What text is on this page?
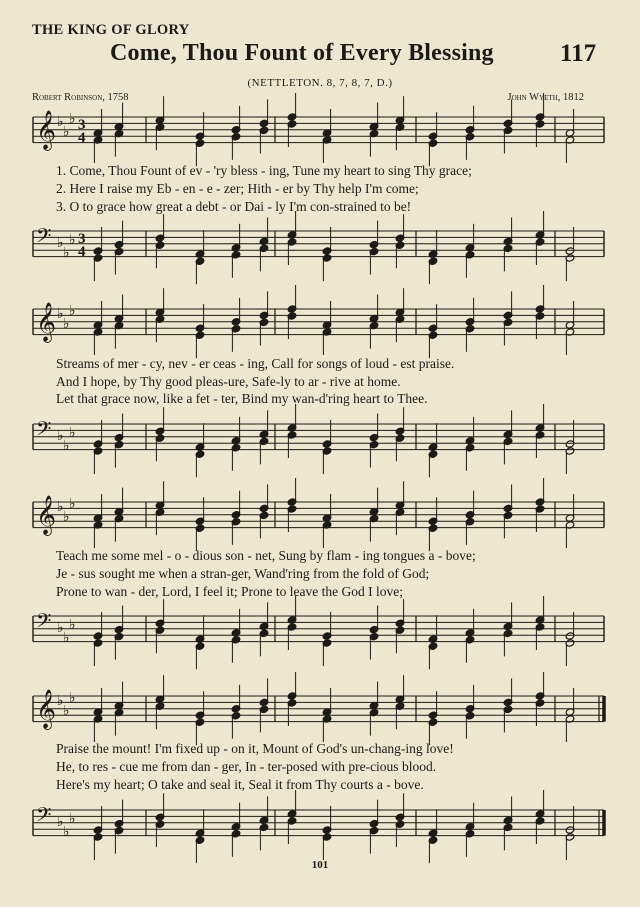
THE KING OF GLORY
Come, Thou Fount of Every Blessing	117
(NETTLETON. 8, 7, 8, 7, D.)
Robert Robinson, 1758	John Wyeth, 1812
𝄞 ♭
♭
♭ 3
4
𝄢 ♭
♭
♭ 3
4
1. Come, Thou Fount of ev - 'ry bless - ing, Tune my heart to sing Thy grace;
2. Here I raise my Eb - en - e - zer; Hith - er by Thy help I'm come;
3. O to grace how great a debt - or Dai - ly I'm con-strained to be!
𝄞 ♭
♭
♭
𝄢 ♭
♭
♭
Streams of mer - cy, nev - er ceas - ing, Call for songs of loud - est praise.
And I hope, by Thy good pleas-ure, Safe-ly to ar - rive at home.
Let that grace now, like a fet - ter, Bind my wan-d'ring heart to Thee.
𝄞 ♭
♭
♭
𝄢 ♭
♭
♭
Teach me some mel - o - dious son - net, Sung by flam - ing tongues a - bove;
Je - sus sought me when a stran-ger, Wand'ring from the fold of God;
Prone to wan - der, Lord, I feel it; Prone to leave the God I love;
𝄞 ♭
♭
♭
𝄢 ♭
♭
♭
Praise the mount! I'm fixed up - on it, Mount of God's un-chang-ing love!
He, to res - cue me from dan - ger, In - ter-posed with pre-cious blood.
Here's my heart; O take and seal it, Seal it from Thy courts a - bove.
101
